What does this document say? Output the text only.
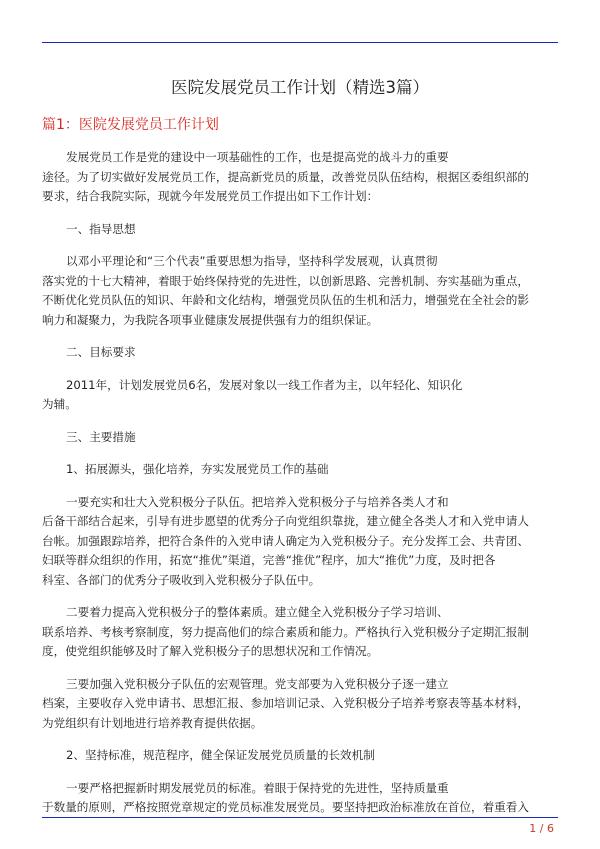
医院发展党员工作计划（精选3篇）
篇1：医院发展党员工作计划

发展党员工作是党的建设中一项基础性的工作，也是提高党的战斗力的重要
途径。为了切实做好发展党员工作，提高新党员的质量，改善党员队伍结构，根据区委组织部的
要求，结合我院实际，现就今年发展党员工作提出如下工作计划：

一、指导思想

以邓小平理论和“三个代表”重要思想为指导，坚持科学发展观，认真贯彻
落实党的十七大精神，着眼于始终保持党的先进性，以创新思路、完善机制、夯实基础为重点，
不断优化党员队伍的知识、年龄和文化结构，增强党员队伍的生机和活力，增强党在全社会的影
响力和凝聚力，为我院各项事业健康发展提供强有力的组织保证。

二、目标要求

2011年，计划发展党员6名，发展对象以一线工作者为主，以年轻化、知识化
为辅。

三、主要措施

1、拓展源头，强化培养，夯实发展党员工作的基础

一要充实和壮大入党积极分子队伍。把培养入党积极分子与培养各类人才和
后备干部结合起来，引导有进步愿望的优秀分子向党组织靠拢，建立健全各类人才和入党申请人
台帐。加强跟踪培养，把符合条件的入党申请人确定为入党积极分子。充分发挥工会、共青团、
妇联等群众组织的作用，拓宽“推优”渠道，完善“推优”程序，加大“推优”力度，及时把各
科室、各部门的优秀分子吸收到入党积极分子队伍中。

二要着力提高入党积极分子的整体素质。建立健全入党积极分子学习培训、
联系培养、考核考察制度，努力提高他们的综合素质和能力。严格执行入党积极分子定期汇报制
度，使党组织能够及时了解入党积极分子的思想状况和工作情况。

三要加强入党积极分子队伍的宏观管理。党支部要为入党积极分子逐一建立
档案，主要收存入党申请书、思想汇报、参加培训记录、入党积极分子培养考察表等基本材料，
为党组织有计划地进行培养教育提供依据。

2、坚持标准，规范程序，健全保证发展党员质量的长效机制

一要严格把握新时期发展党员的标准。着眼于保持党的先进性，坚持质量重
于数量的原则，严格按照党章规定的党员标准发展党员。要坚持把政治标准放在首位，着重看入

1 / 6
